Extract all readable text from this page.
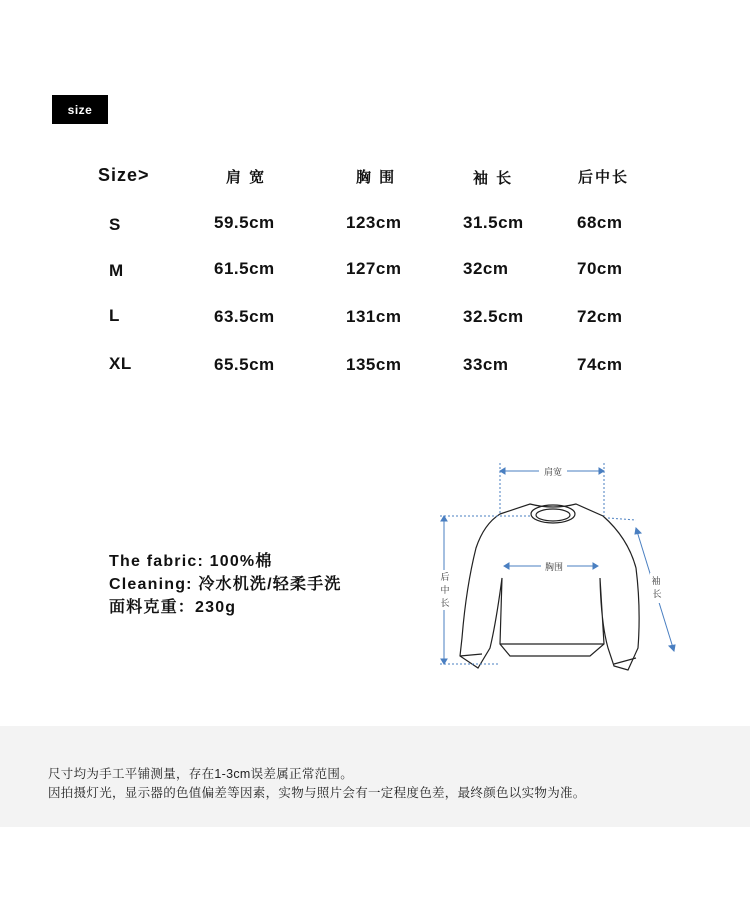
size
Size>	肩 宽	胸 围	袖 长	后中长
S	59.5cm	123cm	31.5cm	68cm
M	61.5cm	127cm	32cm	70cm
L	63.5cm	131cm	32.5cm	72cm
XL	65.5cm	135cm	33cm	74cm
The fabric: 100%棉
Cleaning: 冷水机洗/轻柔手洗
面料克重：230g
肩宽
胸围
后
中
长
袖
长
尺寸均为手工平铺测量，存在1-3cm误差属正常范围。
因拍摄灯光，显示器的色值偏差等因素，实物与照片会有一定程度色差，最终颜色以实物为准。
